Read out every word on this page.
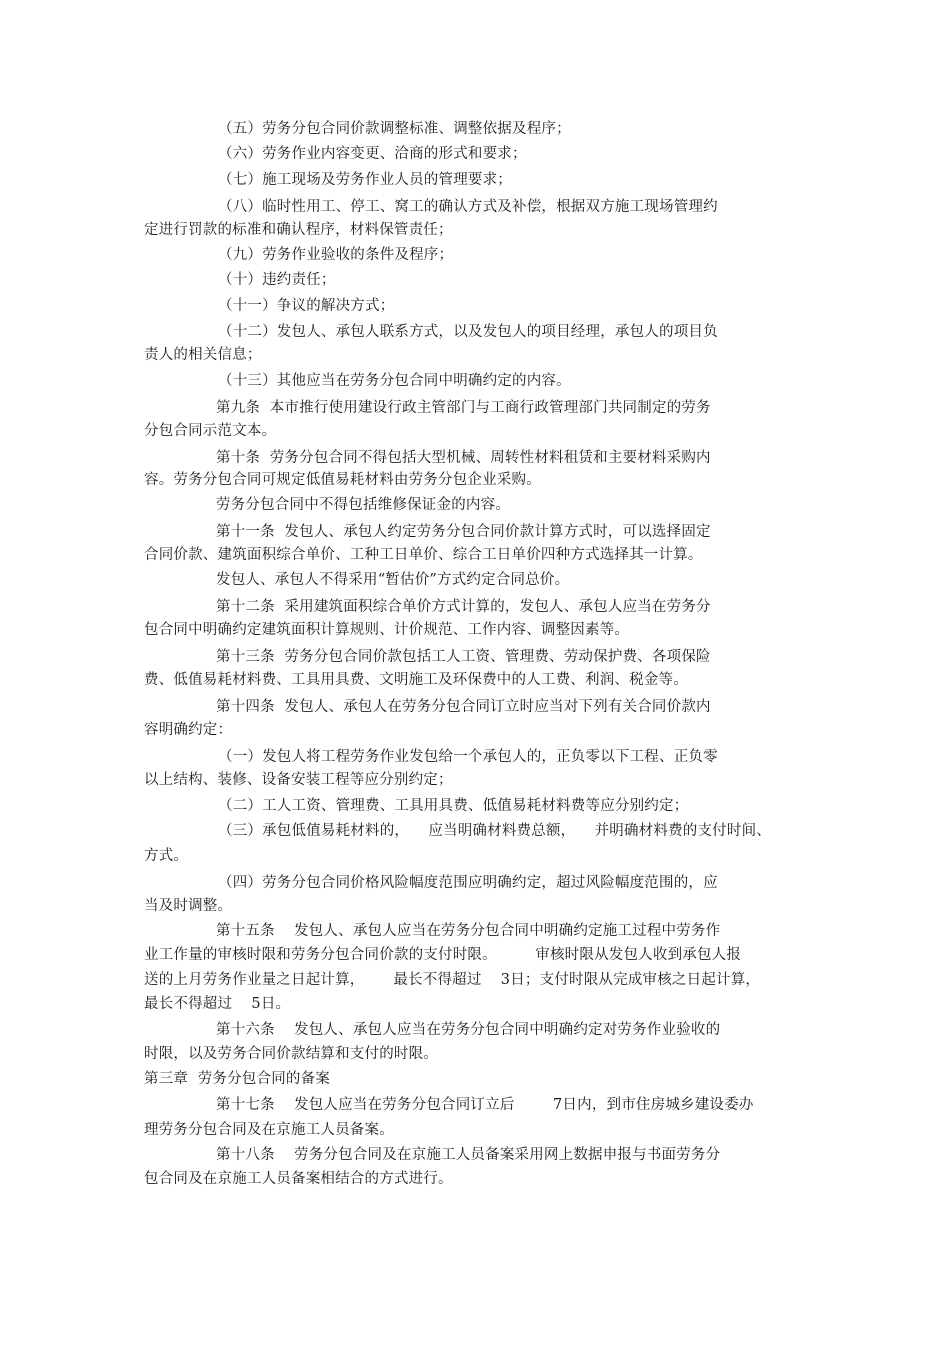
（五）劳务分包合同价款调整标准、调整依据及程序；
（六）劳务作业内容变更、洽商的形式和要求；
（七）施工现场及劳务作业人员的管理要求；
（八）临时性用工、停工、窝工的确认方式及补偿，根据双方施工现场管理约
定进行罚款的标准和确认程序，材料保管责任；
（九）劳务作业验收的条件及程序；
（十）违约责任；
（十一）争议的解决方式；
（十二）发包人、承包人联系方式，以及发包人的项目经理，承包人的项目负
责人的相关信息；
（十三）其他应当在劳务分包合同中明确约定的内容。
第九条  本市推行使用建设行政主管部门与工商行政管理部门共同制定的劳务
分包合同示范文本。
第十条  劳务分包合同不得包括大型机械、周转性材料租赁和主要材料采购内
容。劳务分包合同可规定低值易耗材料由劳务分包企业采购。
劳务分包合同中不得包括维修保证金的内容。
第十一条  发包人、承包人约定劳务分包合同价款计算方式时，可以选择固定
合同价款、建筑面积综合单价、工种工日单价、综合工日单价四种方式选择其一计算。
发包人、承包人不得采用“暂估价”方式约定合同总价。
第十二条  采用建筑面积综合单价方式计算的，发包人、承包人应当在劳务分
包合同中明确约定建筑面积计算规则、计价规范、工作内容、调整因素等。
第十三条  劳务分包合同价款包括工人工资、管理费、劳动保护费、各项保险
费、低值易耗材料费、工具用具费、文明施工及环保费中的人工费、利润、税金等。
第十四条  发包人、承包人在劳务分包合同订立时应当对下列有关合同价款内
容明确约定：
（一）发包人将工程劳务作业发包给一个承包人的，正负零以下工程、正负零
以上结构、装修、设备安装工程等应分别约定；
（二）工人工资、管理费、工具用具费、低值易耗材料费等应分别约定；
（三）承包低值易耗材料的，    应当明确材料费总额，    并明确材料费的支付时间、
方式。
（四）劳务分包合同价格风险幅度范围应明确约定，超过风险幅度范围的，应
当及时调整。
第十五条    发包人、承包人应当在劳务分包合同中明确约定施工过程中劳务作
业工作量的审核时限和劳务分包合同价款的支付时限。        审核时限从发包人收到承包人报
送的上月劳务作业量之日起计算，      最长不得超过    3日；支付时限从完成审核之日起计算，
最长不得超过    5日。
第十六条    发包人、承包人应当在劳务分包合同中明确约定对劳务作业验收的
时限，以及劳务合同价款结算和支付的时限。
第三章  劳务分包合同的备案
第十七条    发包人应当在劳务分包合同订立后        7日内，到市住房城乡建设委办
理劳务分包合同及在京施工人员备案。
第十八条    劳务分包合同及在京施工人员备案采用网上数据申报与书面劳务分
包合同及在京施工人员备案相结合的方式进行。
